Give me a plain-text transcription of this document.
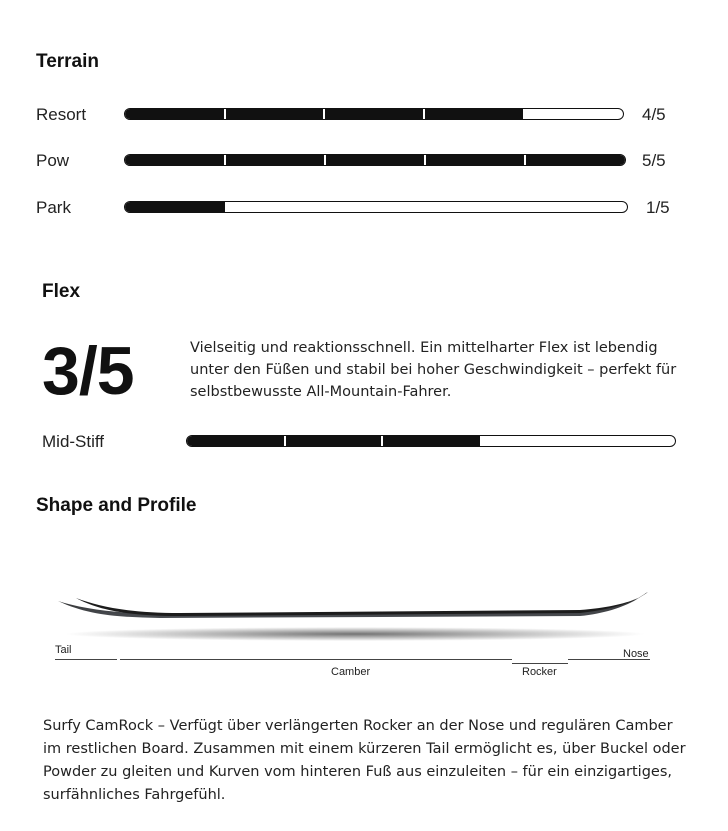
Terrain
Resort	4/5
Pow	5/5
Park	1/5
Flex
3/5	Vielseitig und reaktionsschnell. Ein mittelharter Flex ist lebendig unter den Füßen und stabil bei hoher Geschwindigkeit – perfekt für selbstbewusste All-Mountain-Fahrer.
Mid-Stiff
Shape and Profile
Tail
Camber	Rocker
Nose
Surfy CamRock – Verfügt über verlängerten Rocker an der Nose und regulären Camber im restlichen Board. Zusammen mit einem kürzeren Tail ermöglicht es, über Buckel oder Powder zu gleiten und Kurven vom hinteren Fuß aus einzuleiten – für ein einzigartiges, surfähnliches Fahrgefühl.
